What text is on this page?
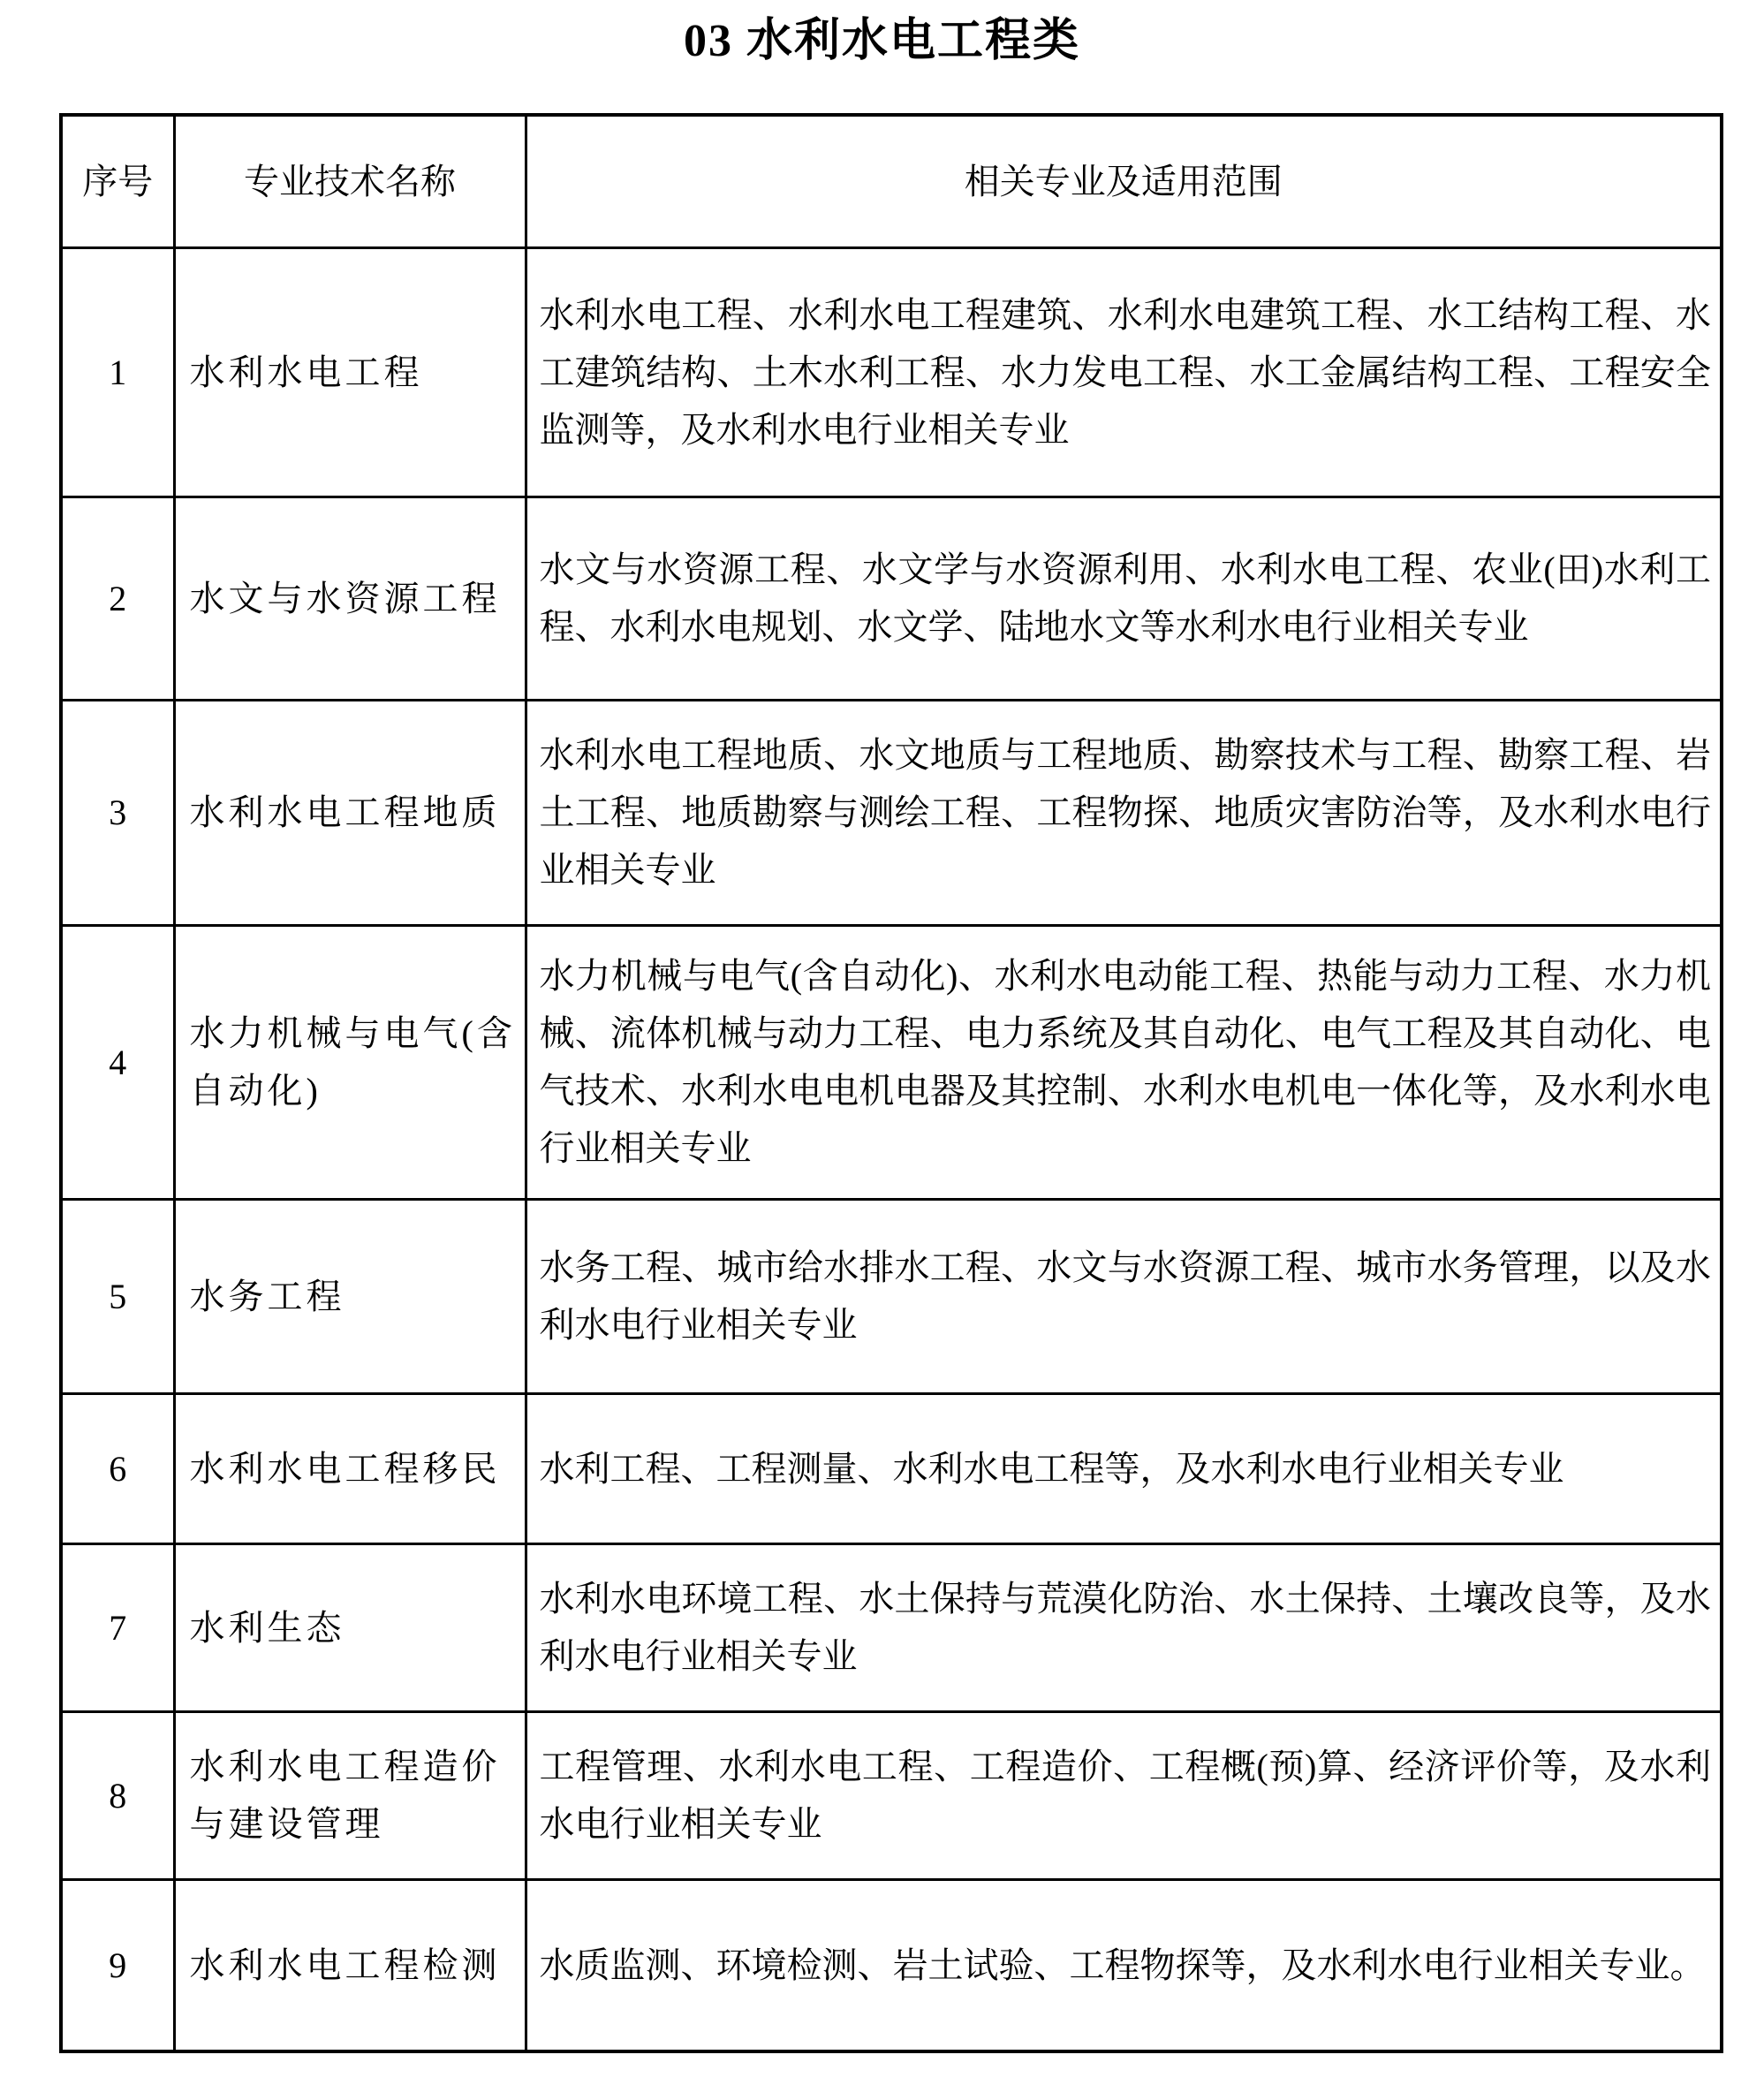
03 水利水电工程类
序号	专业技术名称	相关专业及适用范围
1	水利水电工程	水利水电工程、水利水电工程建筑、水利水电建筑工程、水工结构工程、水工建筑结构、土木水利工程、水力发电工程、水工金属结构工程、工程安全监测等，及水利水电行业相关专业
2	水文与水资源工程	水文与水资源工程、水文学与水资源利用、水利水电工程、农业(田)水利工程、水利水电规划、水文学、陆地水文等水利水电行业相关专业
3	水利水电工程地质	水利水电工程地质、水文地质与工程地质、勘察技术与工程、勘察工程、岩土工程、地质勘察与测绘工程、工程物探、地质灾害防治等，及水利水电行业相关专业
4	水力机械与电气(含自动化)	水力机械与电气(含自动化)、水利水电动能工程、热能与动力工程、水力机械、流体机械与动力工程、电力系统及其自动化、电气工程及其自动化、电气技术、水利水电电机电器及其控制、水利水电机电一体化等，及水利水电行业相关专业
5	水务工程	水务工程、城市给水排水工程、水文与水资源工程、城市水务管理，以及水利水电行业相关专业
6	水利水电工程移民	水利工程、工程测量、水利水电工程等，及水利水电行业相关专业
7	水利生态	水利水电环境工程、水土保持与荒漠化防治、水土保持、土壤改良等，及水利水电行业相关专业
8	水利水电工程造价与建设管理	工程管理、水利水电工程、工程造价、工程概(预)算、经济评价等，及水利水电行业相关专业
9	水利水电工程检测	水质监测、环境检测、岩土试验、工程物探等，及水利水电行业相关专业。
